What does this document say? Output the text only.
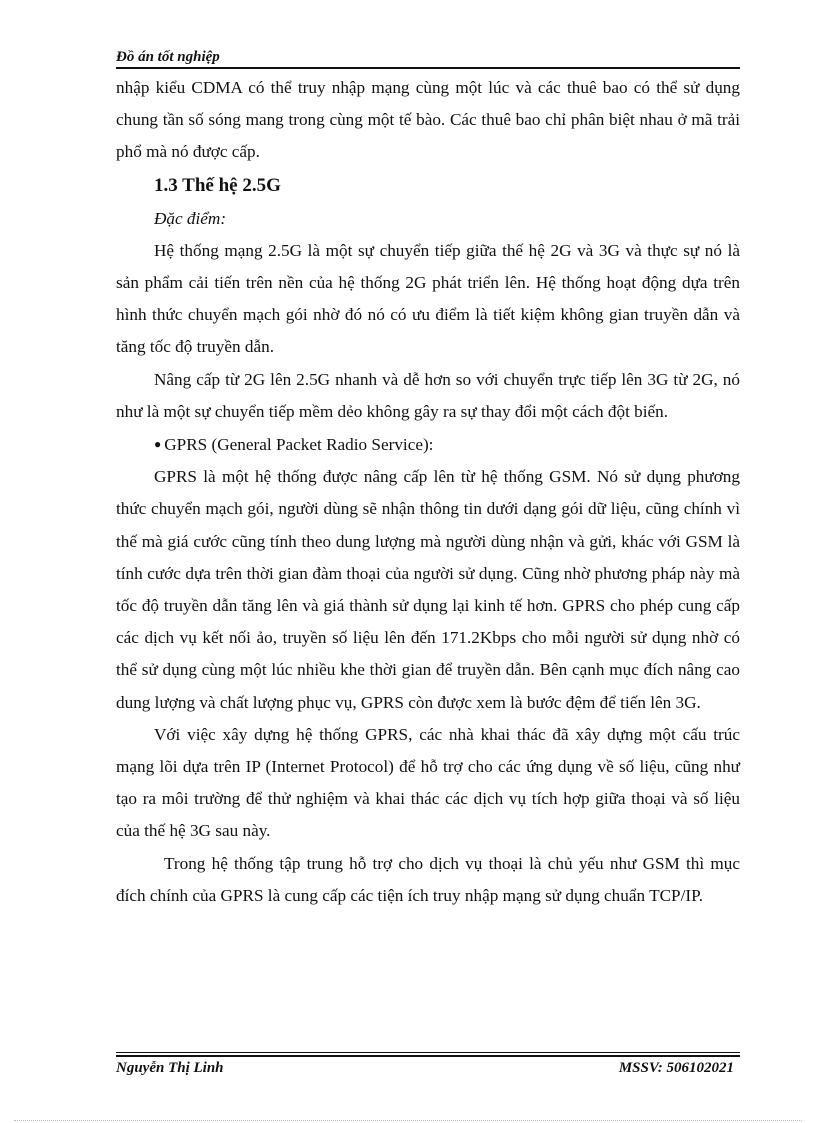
Đồ án tốt nghiệp

nhập kiểu CDMA có thể truy nhập mạng cùng một lúc và các thuê bao có thể sử dụng chung tần số sóng mang trong cùng một tế bào. Các thuê bao chỉ phân biệt nhau ở mã trải phổ mà nó được cấp.

1.3 Thế hệ 2.5G

Đặc điểm:

Hệ thống mạng 2.5G là một sự chuyển tiếp giữa thế hệ 2G và 3G và thực sự nó là sản phẩm cải tiến trên nền của hệ thống 2G phát triển lên. Hệ thống hoạt động dựa trên hình thức chuyển mạch gói nhờ đó nó có ưu điểm là tiết kiệm không gian truyền dẫn và tăng tốc độ truyền dẫn.

Nâng cấp từ 2G lên 2.5G nhanh và dễ hơn so với chuyển trực tiếp lên 3G từ 2G, nó như là một sự chuyển tiếp mềm dẻo không gây ra sự thay đổi một cách đột biến.

● GPRS (General Packet Radio Service):

GPRS là một hệ thống được nâng cấp lên từ hệ thống GSM. Nó sử dụng phương thức chuyển mạch gói, người dùng sẽ nhận thông tin dưới dạng gói dữ liệu, cũng chính vì thế mà giá cước cũng tính theo dung lượng mà người dùng nhận và gửi, khác với GSM là tính cước dựa trên thời gian đàm thoại của người sử dụng. Cũng nhờ phương pháp này mà tốc độ truyền dẫn tăng lên và giá thành sử dụng lại kinh tế hơn. GPRS cho phép cung cấp các dịch vụ kết nối ảo, truyền số liệu lên đến 171.2Kbps cho mỗi người sử dụng nhờ có thể sử dụng cùng một lúc nhiều khe thời gian để truyền dẫn. Bên cạnh mục đích nâng cao dung lượng và chất lượng phục vụ, GPRS còn được xem là bước đệm để tiến lên 3G.

Với việc xây dựng hệ thống GPRS, các nhà khai thác đã xây dựng một cấu trúc mạng lõi dựa trên IP (Internet Protocol) để hỗ trợ cho các ứng dụng về số liệu, cũng như tạo ra môi trường để thử nghiệm và khai thác các dịch vụ tích hợp giữa thoại và số liệu của thế hệ 3G sau này.

Trong hệ thống tập trung hỗ trợ cho dịch vụ thoại là chủ yếu như GSM thì mục đích chính của GPRS là cung cấp các tiện ích truy nhập mạng sử dụng chuẩn TCP/IP.

Nguyễn Thị Linh	MSSV: 506102021
